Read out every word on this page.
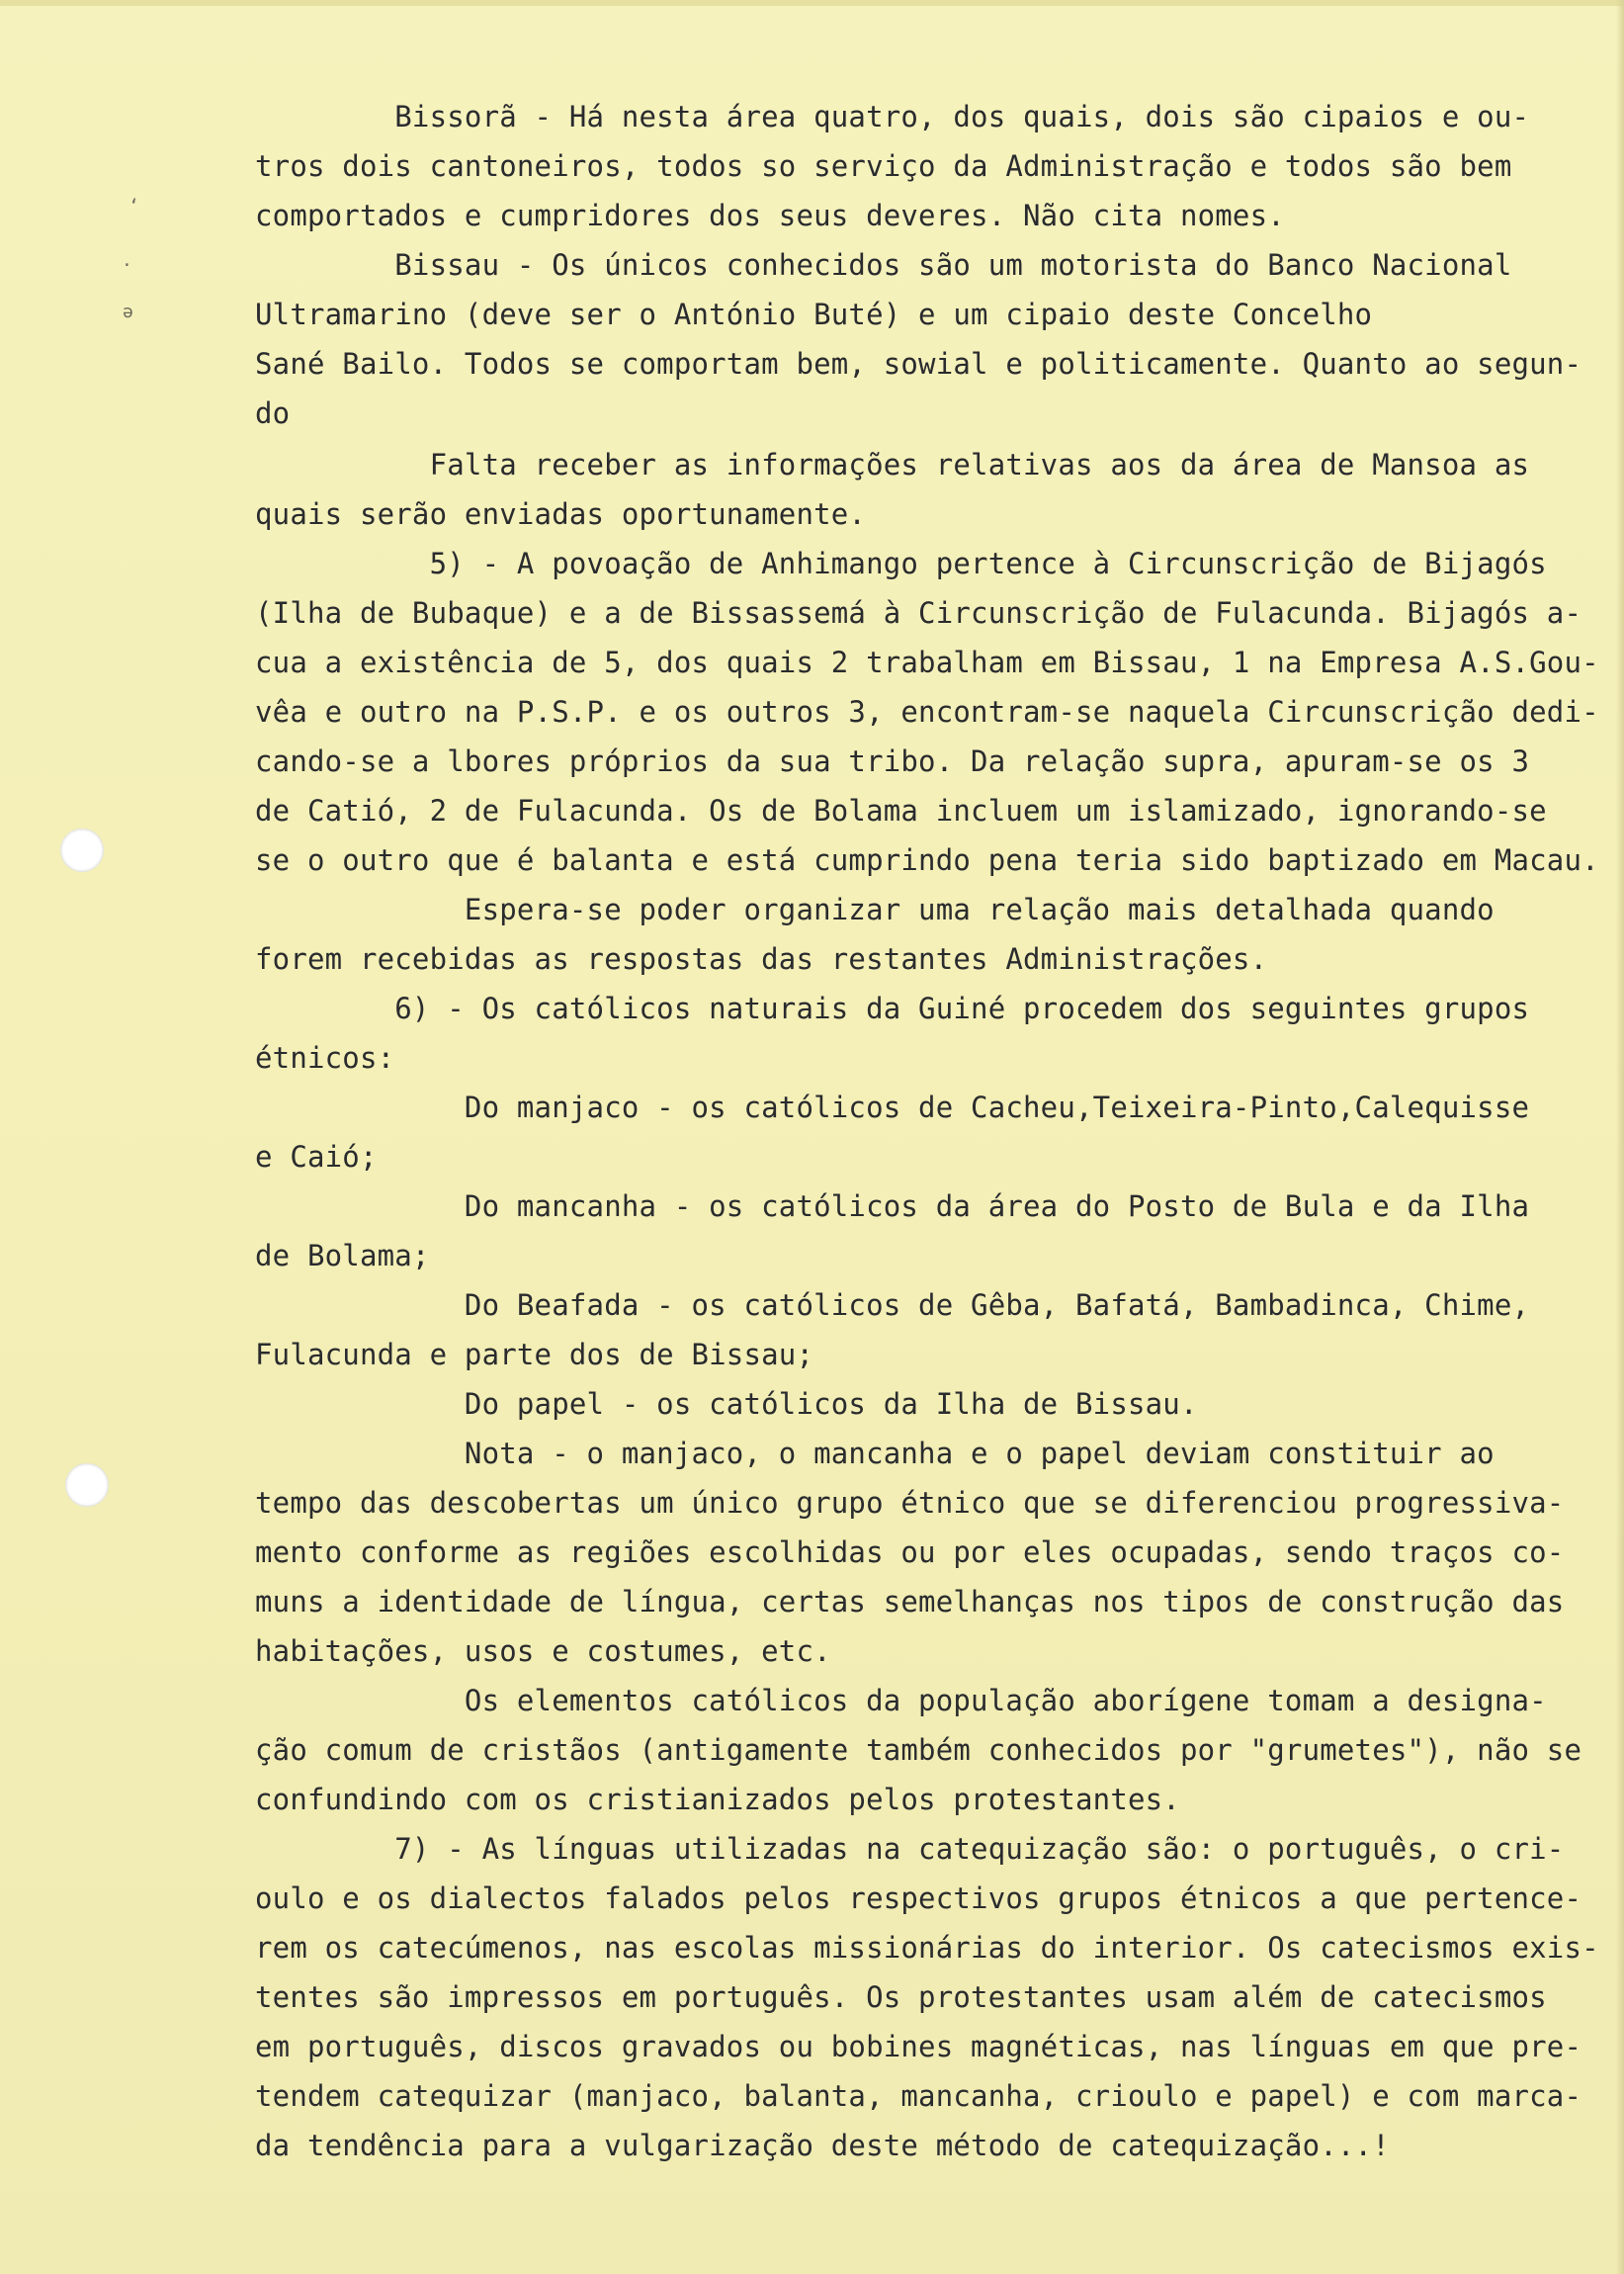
ʻ
·
ə
Bissorã - Há nesta área quatro, dos quais, dois são cipaios e ou-
tros dois cantoneiros, todos so serviço da Administração e todos são bem
comportados e cumpridores dos seus deveres. Não cita nomes.
Bissau - Os únicos conhecidos são um motorista do Banco Nacional
Ultramarino (deve ser o António Buté) e um cipaio deste Concelho
Sané Bailo. Todos se comportam bem, sowial e politicamente. Quanto ao segun-
do
Falta receber as informações relativas aos da área de Mansoa as
quais serão enviadas oportunamente.
5) - A povoação de Anhimango pertence à Circunscrição de Bijagós
(Ilha de Bubaque) e a de Bissassemá à Circunscrição de Fulacunda. Bijagós a-
cua a existência de 5, dos quais 2 trabalham em Bissau, 1 na Empresa A.S.Gou-
vêa e outro na P.S.P. e os outros 3, encontram-se naquela Circunscrição dedi-
cando-se a lbores próprios da sua tribo. Da relação supra, apuram-se os 3
de Catió, 2 de Fulacunda. Os de Bolama incluem um islamizado, ignorando-se
se o outro que é balanta e está cumprindo pena teria sido baptizado em Macau.
Espera-se poder organizar uma relação mais detalhada quando
forem recebidas as respostas das restantes Administrações.
6) - Os católicos naturais da Guiné procedem dos seguintes grupos
étnicos:
Do manjaco - os católicos de Cacheu,Teixeira-Pinto,Calequisse
e Caió;
Do mancanha - os católicos da área do Posto de Bula e da Ilha
de Bolama;
Do Beafada - os católicos de Gêba, Bafatá, Bambadinca, Chime,
Fulacunda e parte dos de Bissau;
Do papel - os católicos da Ilha de Bissau.
Nota - o manjaco, o mancanha e o papel deviam constituir ao
tempo das descobertas um único grupo étnico que se diferenciou progressiva-
mento conforme as regiões escolhidas ou por eles ocupadas, sendo traços co-
muns a identidade de língua, certas semelhanças nos tipos de construção das
habitações, usos e costumes, etc.
Os elementos católicos da população aborígene tomam a designa-
ção comum de cristãos (antigamente também conhecidos por "grumetes"), não se
confundindo com os cristianizados pelos protestantes.
7) - As línguas utilizadas na catequização são: o português, o cri-
oulo e os dialectos falados pelos respectivos grupos étnicos a que pertence-
rem os catecúmenos, nas escolas missionárias do interior. Os catecismos exis-
tentes são impressos em português. Os protestantes usam além de catecismos
em português, discos gravados ou bobines magnéticas, nas línguas em que pre-
tendem catequizar (manjaco, balanta, mancanha, crioulo e papel) e com marca-
da tendência para a vulgarização deste método de catequização...!
